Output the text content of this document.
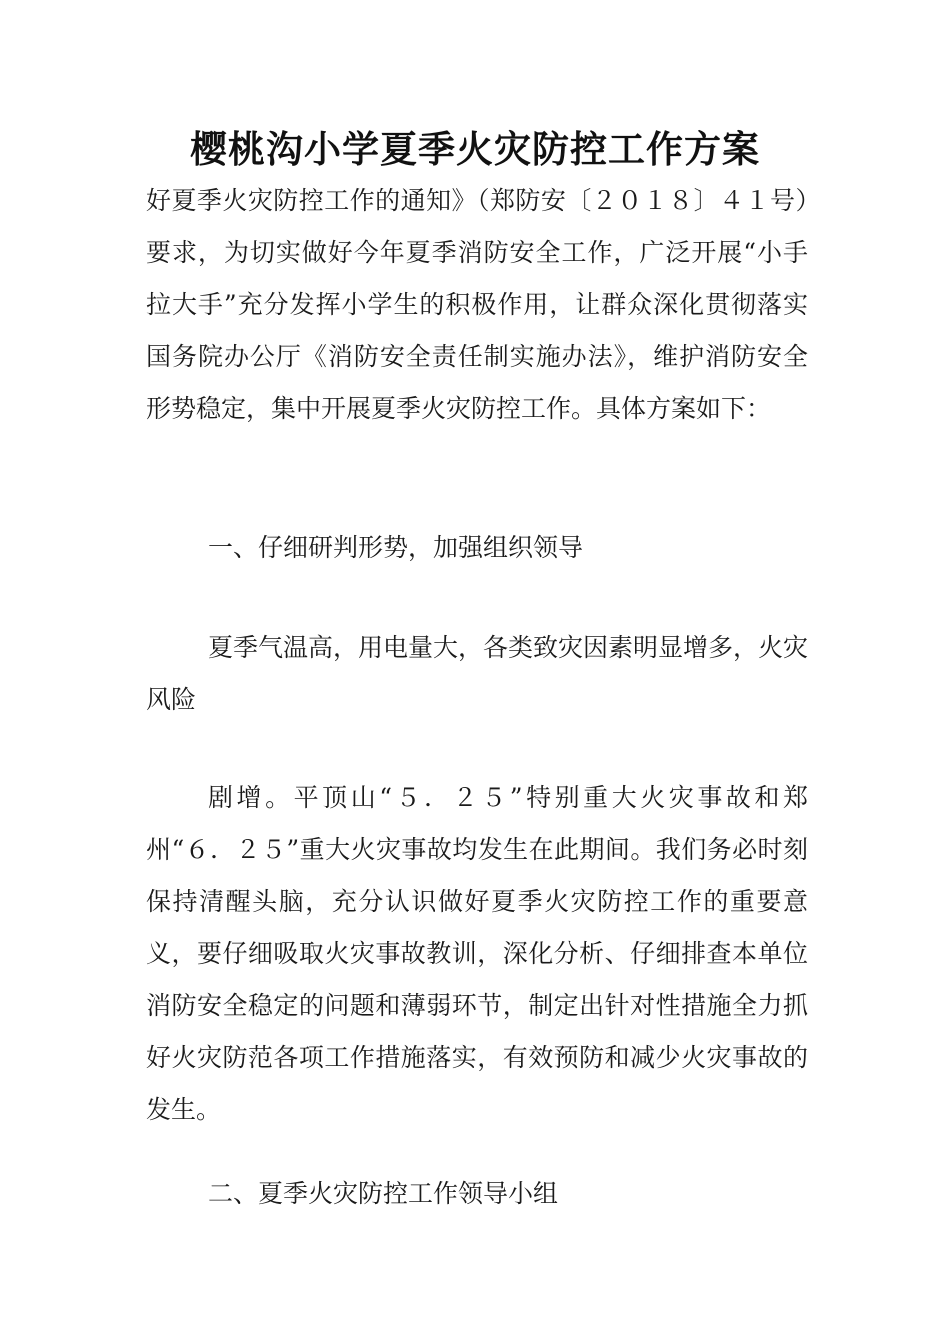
樱桃沟小学夏季火灾防控工作方案

好夏季火灾防控工作的通知》（郑防安〔２０１８〕４１号）要求，为切实做好今年夏季消防安全工作，广泛开展“小手拉大手”充分发挥小学生的积极作用，让群众深化贯彻落实国务院办公厅《消防安全责任制实施办法》，维护消防安全形势稳定，集中开展夏季火灾防控工作。具体方案如下：

一、仔细研判形势，加强组织领导

夏季气温高，用电量大，各类致灾因素明显增多，火灾风险

剧增。平顶山“５．２５”特别重大火灾事故和郑州“６．２５”重大火灾事故均发生在此期间。我们务必时刻保持清醒头脑，充分认识做好夏季火灾防控工作的重要意义，要仔细吸取火灾事故教训，深化分析、仔细排查本单位消防安全稳定的问题和薄弱环节，制定出针对性措施全力抓好火灾防范各项工作措施落实，有效预防和减少火灾事故的发生。

二、夏季火灾防控工作领导小组
